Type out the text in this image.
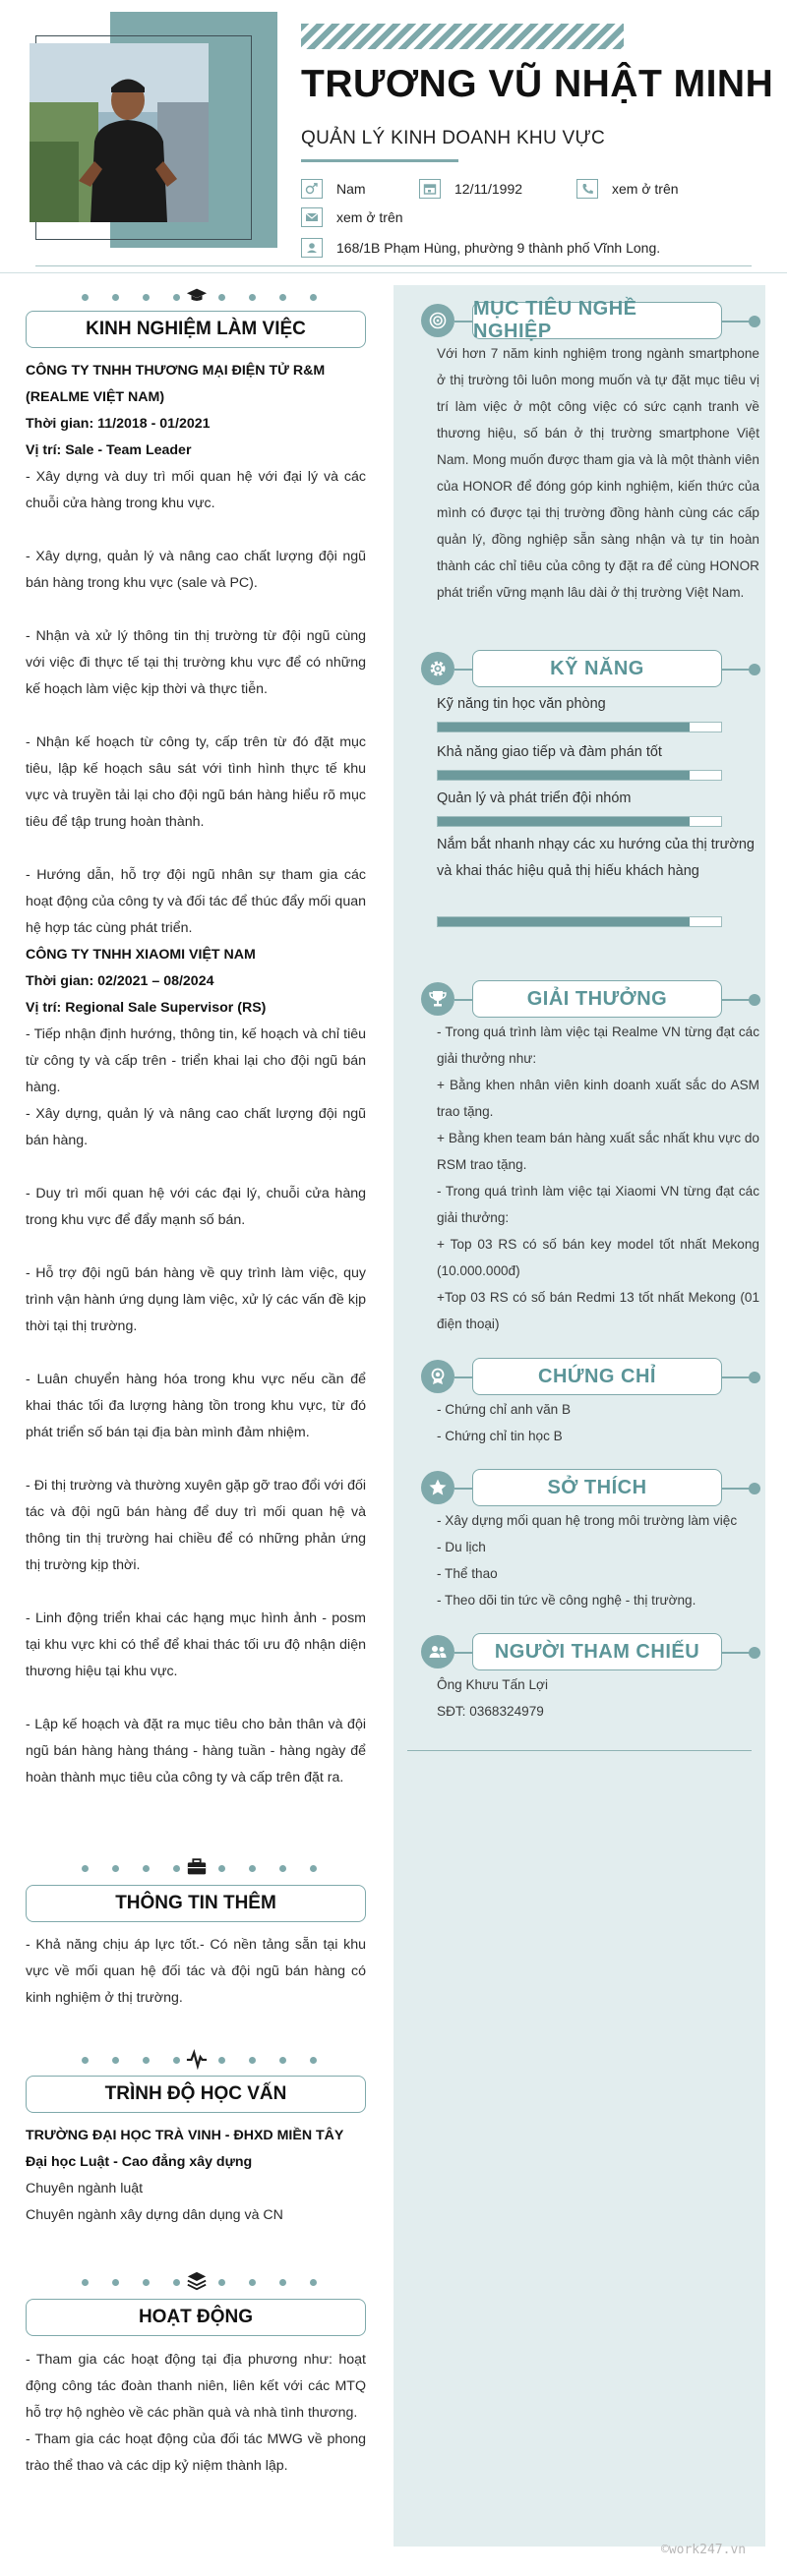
TRƯƠNG VŨ NHẬT MINH
QUẢN LÝ KINH DOANH KHU VỰC
Nam	12/11/1992	xem ở trên
xem ở trên
168/1B Phạm Hùng, phường 9 thành phố Vĩnh Long.
KINH NGHIỆM LÀM VIỆC

CÔNG TY TNHH THƯƠNG MẠI ĐIỆN TỬ R&M

(REALME VIỆT NAM)

Thời gian: 11/2018 - 01/2021

Vị trí: Sale - Team Leader

- Xây dựng và duy trì mối quan hệ với đại lý và các chuỗi cửa hàng trong khu vực.

- Xây dựng, quản lý và nâng cao chất lượng đội ngũ bán hàng trong khu vực (sale và PC).

- Nhận và xử lý thông tin thị trường từ đội ngũ cùng với việc đi thực tế tại thị trường khu vực để có những kế hoạch làm việc kịp thời và thực tiễn.

- Nhận kế hoạch từ công ty, cấp trên từ đó đặt mục tiêu, lập kế hoạch sâu sát với tình hình thực tế khu vực và truyền tải lại cho đội ngũ bán hàng hiểu rõ mục tiêu để tập trung hoàn thành.

- Hướng dẫn, hỗ trợ đội ngũ nhân sự tham gia các hoạt động của công ty và đối tác để thúc đẩy mối quan hệ hợp tác cùng phát triển.

CÔNG TY TNHH XIAOMI VIỆT NAM

Thời gian: 02/2021 – 08/2024

Vị trí: Regional Sale Supervisor (RS)

- Tiếp nhận định hướng, thông tin, kế hoạch và chỉ tiêu từ công ty và cấp trên - triển khai lại cho đội ngũ bán hàng.

- Xây dựng, quản lý và nâng cao chất lượng đội ngũ bán hàng.

- Duy trì mối quan hệ với các đại lý, chuỗi cửa hàng trong khu vực để đẩy mạnh số bán.

- Hỗ trợ đội ngũ bán hàng về quy trình làm việc, quy trình vận hành ứng dụng làm việc, xử lý các vấn đề kịp thời tại thị trường.

- Luân chuyển hàng hóa trong khu vực nếu cần để khai thác tối đa lượng hàng tồn trong khu vực, từ đó phát triển số bán tại địa bàn mình đảm nhiệm.

- Đi thị trường và thường xuyên gặp gỡ trao đổi với đối tác và đội ngũ bán hàng để duy trì mối quan hệ và thông tin thị trường hai chiều để có những phản ứng thị trường kịp thời.

- Linh động triển khai các hạng mục hình ảnh - posm tại khu vực khi có thể để khai thác tối ưu độ nhận diện thương hiệu tại khu vực.

- Lập kế hoạch và đặt ra mục tiêu cho bản thân và đội ngũ bán hàng hàng tháng - hàng tuần - hàng ngày để hoàn thành mục tiêu của công ty và cấp trên đặt ra.

THÔNG TIN THÊM

- Khả năng chịu áp lực tốt.- Có nền tảng sẵn tại khu vực về mối quan hệ đối tác và đội ngũ bán hàng có kinh nghiệm ở thị trường.

TRÌNH ĐỘ HỌC VẤN

TRƯỜNG ĐẠI HỌC TRÀ VINH - ĐHXD MIỀN TÂY

Đại học Luật - Cao đẳng xây dựng

Chuyên ngành luật

Chuyên ngành xây dựng dân dụng và CN

HOẠT ĐỘNG

- Tham gia các hoạt động tại địa phương như: hoạt động công tác đoàn thanh niên, liên kết với các MTQ hỗ trợ hộ nghèo về các phần quà và nhà tình thương.

- Tham gia các hoạt động của đối tác MWG về phong trào thể thao và các dịp kỷ niệm thành lập.

MỤC TIÊU NGHỀ NGHIỆP

Với hơn 7 năm kinh nghiệm trong ngành smartphone ở thị trường tôi luôn mong muốn và tự đặt mục tiêu vị trí làm việc ở một công việc có sức cạnh tranh về thương hiệu, số bán ở thị trường smartphone Việt Nam. Mong muốn được tham gia và là một thành viên của HONOR để đóng góp kinh nghiệm, kiến thức của mình có được tại thị trường đồng hành cùng các cấp quản lý, đồng nghiệp sẵn sàng nhận và tự tin hoàn thành các chỉ tiêu của công ty đặt ra để cùng HONOR phát triển vững mạnh lâu dài ở thị trường Việt Nam.

KỸ NĂNG
Kỹ năng tin học văn phòng
Khả năng giao tiếp và đàm phán tốt
Quản lý và phát triển đội nhóm
Nắm bắt nhanh nhạy các xu hướng của thị trường và khai thác hiệu quả thị hiếu khách hàng
GIẢI THƯỞNG

- Trong quá trình làm việc tại Realme VN từng đạt các giải thưởng như:

+ Bằng khen nhân viên kinh doanh xuất sắc do ASM trao tặng.

+ Bằng khen team bán hàng xuất sắc nhất khu vực do RSM trao tặng.

- Trong quá trình làm việc tại Xiaomi VN từng đạt các giải thưởng:

+ Top 03 RS có số bán key model tốt nhất Mekong (10.000.000đ)

+Top 03 RS có số bán Redmi 13 tốt nhất Mekong (01 điện thoại)

CHỨNG CHỈ

- Chứng chỉ anh văn B

- Chứng chỉ tin học B

SỞ THÍCH

- Xây dựng mối quan hệ trong môi trường làm việc

- Du lịch

- Thể thao

- Theo dõi tin tức về công nghệ - thị trường.

NGƯỜI THAM CHIẾU

Ông Khưu Tấn Lợi

SĐT: 0368324979

©work247.vn
